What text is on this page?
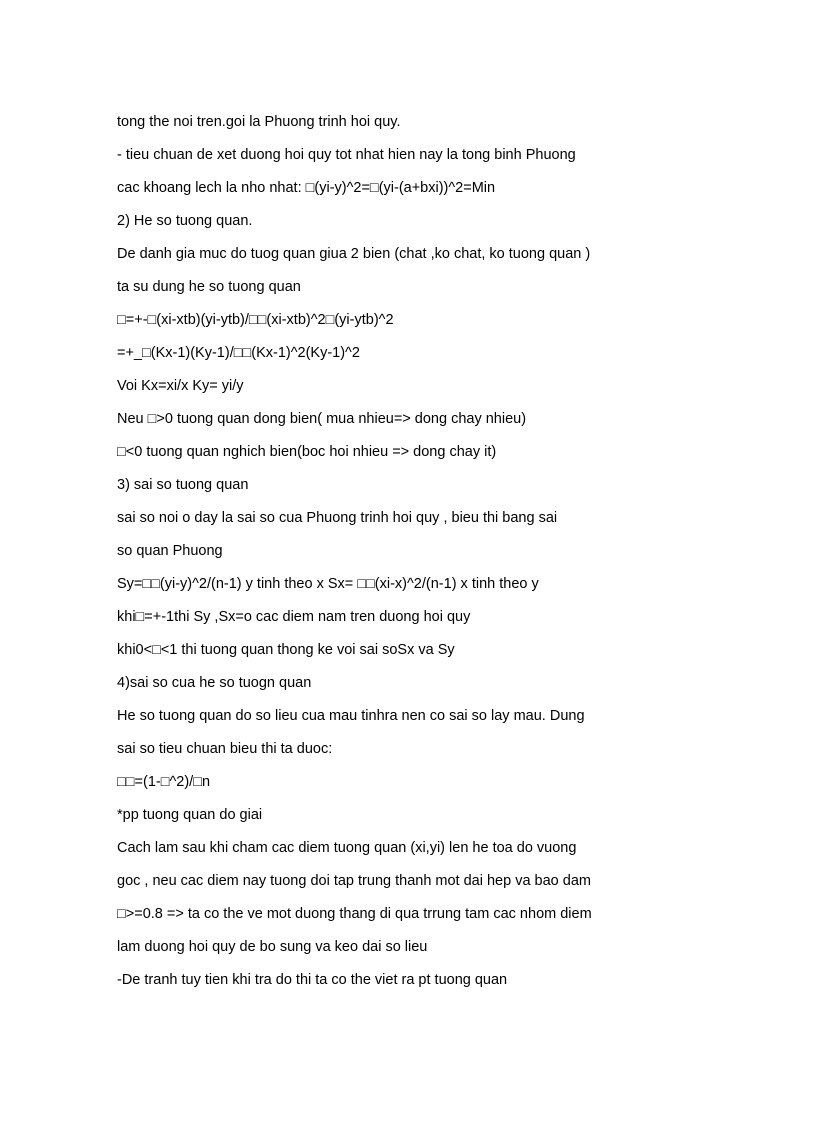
tong the noi tren.goi la Phuong trinh hoi quy.
- tieu chuan de xet duong hoi quy tot nhat hien nay la tong binh Phuong
cac khoang lech la nho nhat: □(yi-y)^2=□(yi-(a+bxi))^2=Min
2) He so tuong quan.
De danh gia muc do tuog quan giua 2 bien (chat ,ko chat, ko tuong quan )
ta su dung he so tuong quan
□=+-□(xi-xtb)(yi-ytb)/□□(xi-xtb)^2□(yi-ytb)^2
=+_□(Kx-1)(Ky-1)/□□(Kx-1)^2(Ky-1)^2
Voi Kx=xi/x Ky= yi/y
Neu □>0 tuong quan dong bien( mua nhieu=> dong chay nhieu)
□<0 tuong quan nghich bien(boc hoi nhieu => dong chay it)
3) sai so tuong quan
sai so noi o day la sai so cua Phuong trinh hoi quy , bieu thi bang sai
so quan Phuong
Sy=□□(yi-y)^2/(n-1) y tinh theo x Sx= □□(xi-x)^2/(n-1) x tinh theo y
khi□=+-1thi Sy ,Sx=o cac diem nam tren duong hoi quy
khi0<□<1 thi tuong quan thong ke voi sai soSx va Sy
4)sai so cua he so tuogn quan
He so tuong quan do so lieu cua mau tinhra nen co sai so lay mau. Dung
sai so tieu chuan bieu thi ta duoc:
□□=(1-□^2)/□n
*pp tuong quan do giai
Cach lam sau khi cham cac diem tuong quan (xi,yi) len he toa do vuong
goc , neu cac diem nay tuong doi tap trung thanh mot dai hep va bao dam
□>=0.8 => ta co the ve mot duong thang di qua trrung tam cac nhom diem
lam duong hoi quy de bo sung va keo dai so lieu
-De tranh tuy tien khi tra do thi ta co the viet ra pt tuong quan
